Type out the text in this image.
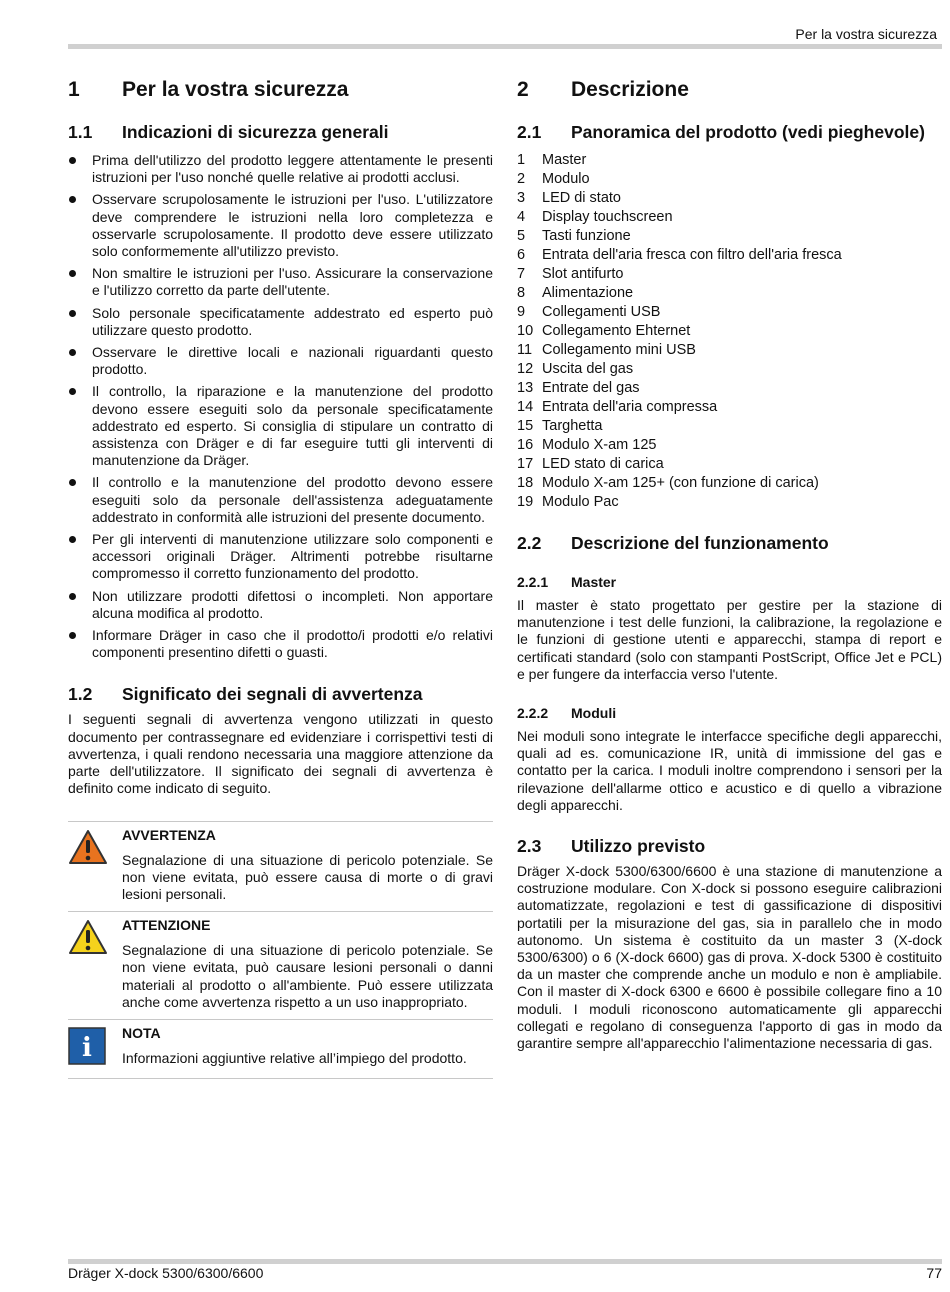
Per la vostra sicurezza
1	Per la vostra sicurezza
1.1	Indicazioni di sicurezza generali
Prima dell'utilizzo del prodotto leggere attentamente le presenti istruzioni per l'uso nonché quelle relative ai prodotti acclusi.
Osservare scrupolosamente le istruzioni per l'uso. L'utilizzatore deve comprendere le istruzioni nella loro completezza e osservarle scrupolosamente. Il prodotto deve essere utilizzato solo conformemente all'utilizzo previsto.
Non smaltire le istruzioni per l'uso. Assicurare la conservazione e l'utilizzo corretto da parte dell'utente.
Solo personale specificatamente addestrato ed esperto può utilizzare questo prodotto.
Osservare le direttive locali e nazionali riguardanti questo prodotto.
Il controllo, la riparazione e la manutenzione del prodotto devono essere eseguiti solo da personale specificatamente addestrato ed esperto. Si consiglia di stipulare un contratto di assistenza con Dräger e di far eseguire tutti gli interventi di manutenzione da Dräger.
Il controllo e la manutenzione del prodotto devono essere eseguiti solo da personale dell'assistenza adeguatamente addestrato in conformità alle istruzioni del presente documento.
Per gli interventi di manutenzione utilizzare solo componenti e accessori originali Dräger. Altrimenti potrebbe risultarne compromesso il corretto funzionamento del prodotto.
Non utilizzare prodotti difettosi o incompleti. Non apportare alcuna modifica al prodotto.
Informare Dräger in caso che il prodotto/i prodotti e/o relativi componenti presentino difetti o guasti.
1.2	Significato dei segnali di avvertenza

I seguenti segnali di avvertenza vengono utilizzati in questo documento per contrassegnare ed evidenziare i corrispettivi testi di avvertenza, i quali rendono necessaria una maggiore attenzione da parte dell'utilizzatore. Il significato dei segnali di avvertenza è definito come indicato di seguito.

AVVERTENZA

Segnalazione di una situazione di pericolo potenziale. Se non viene evitata, può essere causa di morte o di gravi lesioni personali.

ATTENZIONE

Segnalazione di una situazione di pericolo potenziale. Se non viene evitata, può causare lesioni personali o danni materiali al prodotto o all'ambiente. Può essere utilizzata anche come avvertenza rispetto a un uso inappropriato.

i NOTA

Informazioni aggiuntive relative all’impiego del prodotto.

2	Descrizione
2.1	Panoramica del prodotto (vedi pieghevole)
1	Master
2	Modulo
3	LED di stato
4	Display touchscreen
5	Tasti funzione
6	Entrata dell'aria fresca con filtro dell'aria fresca
7	Slot antifurto
8	Alimentazione
9	Collegamenti USB
10 Collegamento Ehternet
11 Collegamento mini USB
12 Uscita del gas
13 Entrate del gas
14 Entrata dell'aria compressa
15 Targhetta
16 Modulo X-am 125
17 LED stato di carica
18 Modulo X-am 125+ (con funzione di carica)
19 Modulo Pac
2.2	Descrizione del funzionamento
2.2.1	Master

Il master è stato progettato per gestire per la stazione di manutenzione i test delle funzioni, la calibrazione, la regolazione e le funzioni di gestione utenti e apparecchi, stampa di report e certificati standard (solo con stampanti PostScript, Office Jet e PCL) e per fungere da interfaccia verso l'utente.

2.2.2	Moduli

Nei moduli sono integrate le interfacce specifiche degli apparecchi, quali ad es. comunicazione IR, unità di immissione del gas e contatto per la carica. I moduli inoltre comprendono i sensori per la rilevazione dell'allarme ottico e acustico e di quello a vibrazione degli apparecchi.

2.3	Utilizzo previsto

Dräger X-dock 5300/6300/6600 è una stazione di manutenzione a costruzione modulare. Con X-dock si possono eseguire calibrazioni automatizzate, regolazioni e test di gassificazione di dispositivi portatili per la misurazione del gas, sia in parallelo che in modo autonomo. Un sistema è costituito da un master 3 (X-dock 5300/6300) o 6 (X-dock 6600) gas di prova. X-dock 5300 è costituito da un master che comprende anche un modulo e non è ampliabile. Con il master di X-dock 6300 e 6600 è possibile collegare fino a 10 moduli. I moduli riconoscono automaticamente gli apparecchi collegati e regolano di conseguenza l'apporto di gas in modo da garantire sempre all'apparecchio l'alimentazione necessaria di gas.

Dräger X-dock 5300/6300/6600	77
